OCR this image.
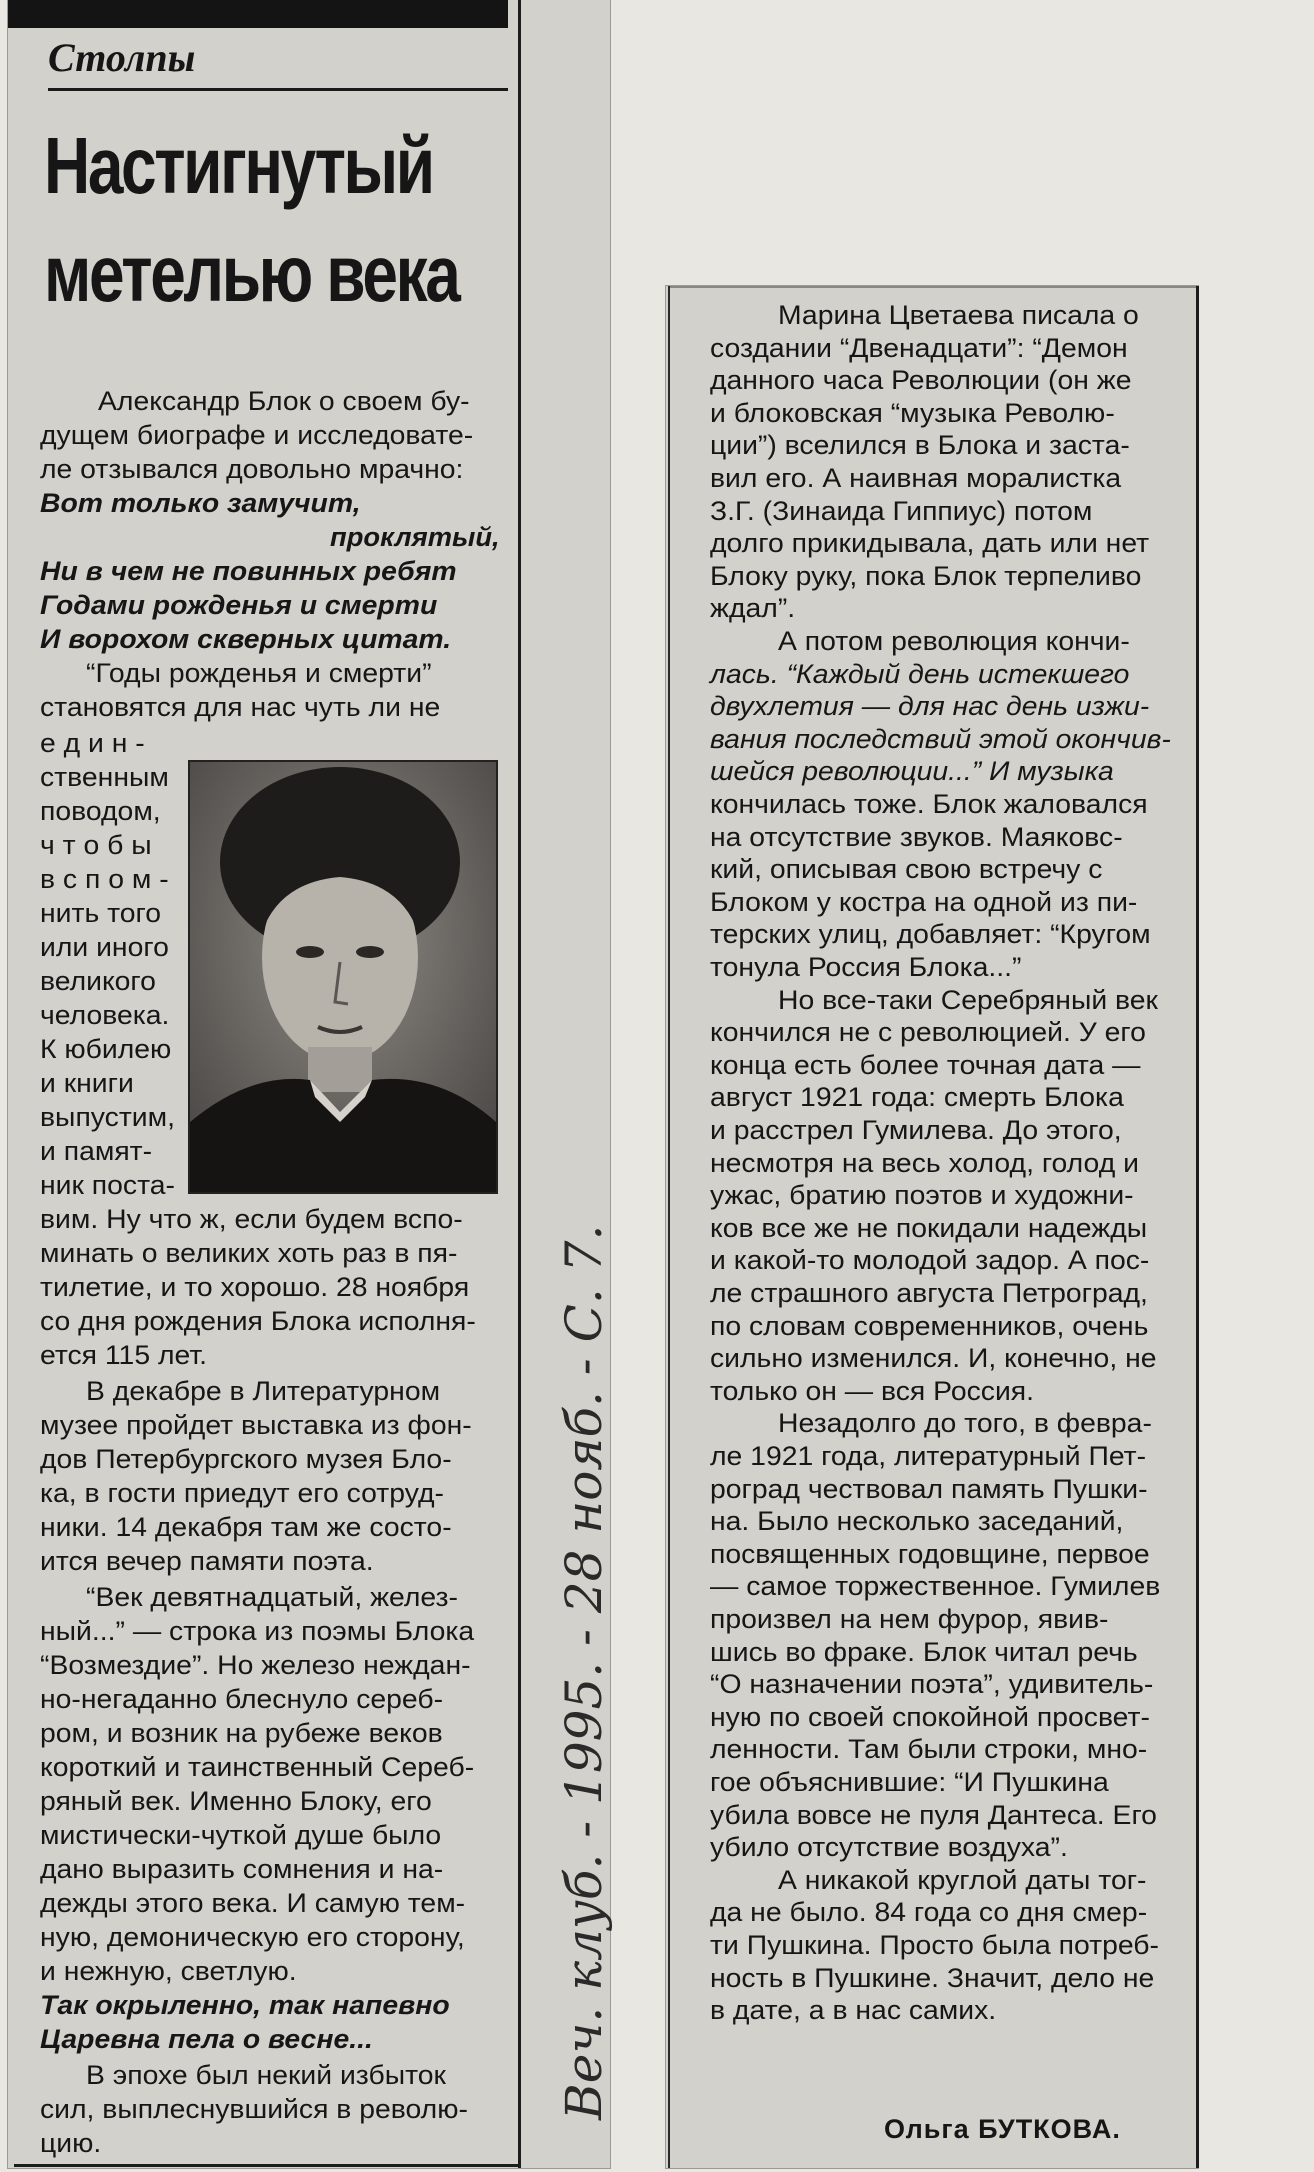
Столпы
Настигнутый
метелью века
Александр Блок о своем бу-
дущем биографе и исследовате-
ле отзывался довольно мрачно:
Вот только замучит,
проклятый,
Ни в чем не повинных ребят
Годами рожденья и смерти
И ворохом скверных цитат.
“Годы рожденья и смерти”
становятся для нас чуть ли не
е д и н -
ственным
поводом,
ч т о б ы
в с п о м -
нить того
или иного
великого
человека.
К юбилею
и книги
выпустим,
и памят-
ник поста-
вим. Ну что ж, если будем вспо-
минать о великих хоть раз в пя-
тилетие, и то хорошо. 28 ноября
со дня рождения Блока исполня-
ется 115 лет.
В декабре в Литературном
музее пройдет выставка из фон-
дов Петербургского музея Бло-
ка, в гости приедут его сотруд-
ники. 14 декабря там же состо-
ится вечер памяти поэта.
“Век девятнадцатый, желез-
ный...” — строка из поэмы Блока
“Возмездие”. Но железо неждан-
но-негаданно блеснуло сереб-
ром, и возник на рубеже веков
короткий и таинственный Сереб-
ряный век. Именно Блоку, его
мистически-чуткой душе было
дано выразить сомнения и на-
дежды этого века. И самую тем-
ную, демоническую его сторону,
и нежную, светлую.
Так окрыленно, так напевно
Царевна пела о весне...
В эпохе был некий избыток
сил, выплеснувшийся в револю-
цию.
Марина Цветаева писала о
создании “Двенадцати”: “Демон
данного часа Революции (он же
и блоковская “музыка Револю-
ции”) вселился в Блока и заста-
вил его. А наивная моралистка
З.Г. (Зинаида Гиппиус) потом
долго прикидывала, дать или нет
Блоку руку, пока Блок терпеливо
ждал”.
А потом революция кончи-
лась. “Каждый день истекшего
двухлетия — для нас день изжи-
вания последствий этой окончив-
шейся революции...” И музыка
кончилась тоже. Блок жаловался
на отсутствие звуков. Маяковс-
кий, описывая свою встречу с
Блоком у костра на одной из пи-
терских улиц, добавляет: “Кругом
тонула Россия Блока...”
Но все-таки Серебряный век
кончился не с революцией. У его
конца есть более точная дата —
август 1921 года: смерть Блока
и расстрел Гумилева. До этого,
несмотря на весь холод, голод и
ужас, братию поэтов и художни-
ков все же не покидали надежды
и какой-то молодой задор. А пос-
ле страшного августа Петроград,
по словам современников, очень
сильно изменился. И, конечно, не
только он — вся Россия.
Незадолго до того, в февра-
ле 1921 года, литературный Пет-
роград чествовал память Пушки-
на. Было несколько заседаний,
посвященных годовщине, первое
— самое торжественное. Гумилев
произвел на нем фурор, явив-
шись во фраке. Блок читал речь
“О назначении поэта”, удивитель-
ную по своей спокойной просвет-
ленности. Там были строки, мно-
гое объяснившие: “И Пушкина
убила вовсе не пуля Дантеса. Его
убило отсутствие воздуха”.
А никакой круглой даты тог-
да не было. 84 года со дня смер-
ти Пушкина. Просто была потреб-
ность в Пушкине. Значит, дело не
в дате, а в нас самих.
Ольга БУТКОВА.
Веч. клуб. - 1995. - 28 нояб. - С. 7.
